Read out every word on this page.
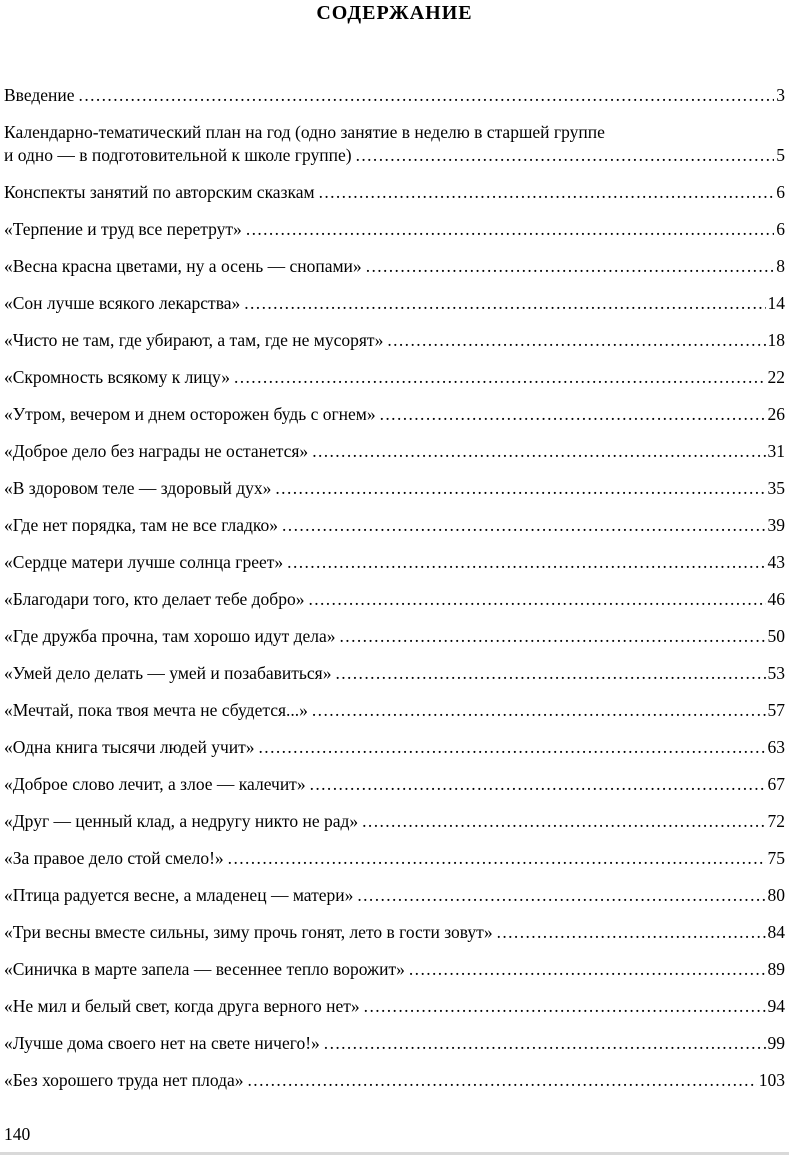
СОДЕРЖАНИЕ
Введение .....	3
Календарно-тематический план на год (одно занятие в неделю в старшей группе
и одно — в подготовительной к школе группе) .....	5
Конспекты занятий по авторским сказкам .....	6
«Терпение и труд все перетрут» .....	6
«Весна красна цветами, ну а осень — снопами» .....	8
«Сон лучше всякого лекарства» .....	14
«Чисто не там, где убирают, а там, где не мусорят» .....	18
«Скромность всякому к лицу» .....	22
«Утром, вечером и днем осторожен будь с огнем» .....	26
«Доброе дело без награды не останется» .....	31
«В здоровом теле — здоровый дух» .....	35
«Где нет порядка, там не все гладко» .....	39
«Сердце матери лучше солнца греет» .....	43
«Благодари того, кто делает тебе добро» .....	46
«Где дружба прочна, там хорошо идут дела» .....	50
«Умей дело делать — умей и позабавиться» .....	53
«Мечтай, пока твоя мечта не сбудется...» .....	57
«Одна книга тысячи людей учит» .....	63
«Доброе слово лечит, а злое — калечит» .....	67
«Друг — ценный клад, а недругу никто не рад» .....	72
«За правое дело стой смело!» .....	75
«Птица радуется весне, а младенец — матери» .....	80
«Три весны вместе сильны, зиму прочь гонят, лето в гости зовут» .....	84
«Синичка в марте запела — весеннее тепло ворожит» .....	89
«Не мил и белый свет, когда друга верного нет» .....	94
«Лучше дома своего нет на свете ничего!» .....	99
«Без хорошего труда нет плода» .....	103
140
